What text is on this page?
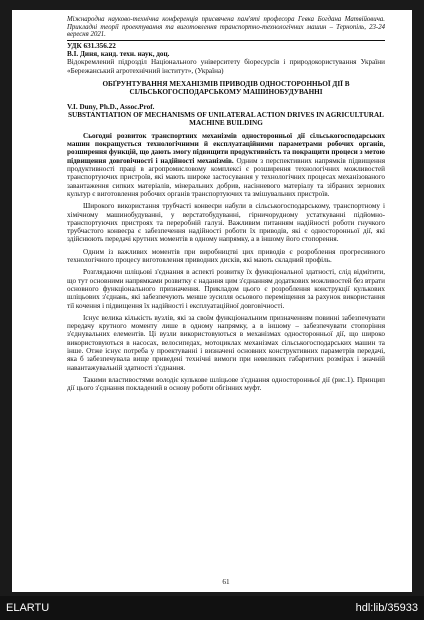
Міжнародна науково-технічна конференція присвячена пам'яті професора Гевка Богдана Матвійовича. Прикладні теорії проектування та виготовлення транспортно-технологічних машин – Тернопіль, 23-24 вересня 2021.
УДК 631.356.22
В.І. Диня, канд. техн. наук, доц.
Відокремлений підрозділ Національного університету біоресурсів і природокористування України «Бережанський агротехнічний інститут», (Україна)
ОБҐРУНТУВАННЯ МЕХАНІЗМІВ ПРИВОДІВ ОДНОСТОРОННЬОЇ ДІЇ В СІЛЬСЬКОГОСПОДАРСЬКОМУ МАШИНОБУДУВАННІ
V.I. Duny, Ph.D., Assoc.Prof.
SUBSTANTIATION OF MECHANISMS OF UNILATERAL ACTION DRIVES IN AGRICULTURAL MACHINE BUILDING

Сьогодні розвиток транспортних механізмів односторонньої дії сільськогосподарських машин покращується технологічними й експлуатаційними параметрами робочих органів, розширення функцій, що дають змогу підвищити продуктивність та покращити процеси з метою підвищення довговічності і надійності механізмів. Одним з перспективних напрямків підвищення продуктивності праці в агропромисловому комплексі є розширення технологічних можливостей транспортуючих пристроїв, які мають широке застосування у технологічних процесах механізованого завантаження сипких матеріалів, мінеральних добрив, насінневого матеріалу та зібраних зернових культур є виготовлення робочих органів транспортуючих та змішувальних пристроїв.

Широкого використання трубчасті конвеєри набули в сільськогосподарському, транспортному і хімічному машинобудуванні, у верстатобудуванні, гірничорудному устаткуванні підйомно-транспортуючих пристроях та переробній галузі. Важливим питанням надійності роботи гнучкого трубчастого конвеєра є забезпечення надійності роботи їх приводів, які є односторонньої дії, які здійснюють передачі крутних моментів в одному напрямку, а в іншому його стопорення.

Одним із важливих моментів при виробництві цих приводів є розроблення прогресивного технологічного процесу виготовлення приводних дисків, які мають складний профіль.

Розглядаючи шліцьові з'єднання в аспекті розвитку їх функціональної здатності, слід відмітити, що тут основними напрямками розвитку є надання цим з'єднанням додаткових можливостей без втрати основного функціонального призначення. Прикладом цього є розроблення конструкції кулькових шліцьових з'єднань, які забезпечують менше зусилля осьового переміщення за рахунок використання тії кочення і підвищення їх надійності і експлуатаційної довговічності.

Існує велика кількість вузлів, які за своїм функціональним призначенням повинні забезпечувати передачу крутного моменту лише в одному напрямку, а в іншому – забезпечувати стопоріння з'єднувальних елементів. Ці вузли використовуються в механізмах односторонньої дії, що широко використовуються в насосах, велосипедах, мотоциклах механізмах сільськогосподарських машин та інше. Отже існує потреба у проектуванні і визначені основних конструктивних параметрів передачі, яка б забезпечувала вище приведені технічні вимоги при невеликих габаритних розмірах і значній навантажувальній здатності з'єднання.

Такими властивостями володіє кулькове шліцьове з'єднання односторонньої дії (рис.1). Принцип дії цього з'єднання покладений в основу роботи обгінних муфт.

61
ELARTU	hdl:lib/35933
